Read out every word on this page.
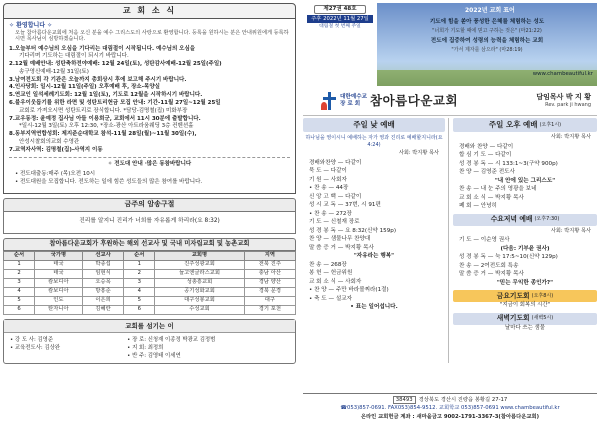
교 회 소 식
✧ 환영합니다 ✧
오늘 참아름다운교회에 처음 오신 분을 예수 그리스도의 사랑으로 환영합니다. 등록을 원하시는 분은 안내위원에게 등록하시면 목사님이 심방하겠습니다.
1.오늘부터 예수님의 오심을 기다리는 대림절이 시작됩니다. 예수님의 오심을
기다리며 기도하는 대림절이 되시기 바랍니다.
2.12월 예배안내: 성탄축하전야예배: 12월 24일(토), 성탄감사예배-12월 25일(주일)
송구영신예배-12월 31일(토)
3.남여전도회 각 기관은 오늘까지 총회상시 후에 보고해 주시기 바랍니다.
4.인사당회: 일시-12월 11일(주일) 오후예배 후, 장소-목양실
5.연교인 일석세례기도회: 12월 1일(토), 기도로 12월을 시작하시기 바랍니다.
6.불우이웃돕기를 위한 라면 및 성탄트리헌금 모집 안내: 기간-11월 27일~12월 25일
교회로 가져오시면 성탄트리로 장식합니다. *담당-김명철(집) 미화부장
7.교우동정: 윤예정 집사님 아들 이용희군, 교회에서 11시 30분에 출발합니다.
*일시-12월 3일(토) 오후 12:30, *장소-광산 아트라움웨딩 3층 컨벤션홀
8.동부지역연합성회: 제지준순대학교 참석-11월 28일(월)~11월 30일(수),
안성시찰회의교회 수영관
7.교역자사역: 김명철(집)-사역지 이동
✧ 전도대 안내 ·많은 동참바랍니다
• 전도대출동:매주 (목)오전 10시
• 전도대원을 모집합니다. 전도하는 일에 힘쓴 성도들의 많은 참여를 바랍니다.
금주의 암송구절
진리를 알지니 진리가 너희를 자유롭게 하리라(요 8:32)
참아름다운교회가 후원하는 해외 선교사 및 국내 미자립교회 및 농촌교회
순서	국가명	선교사	순서	교회명	지역
1	태국	박종섭	1	진주성광교회	전북 진주
2	태국	임현식	2	늘고엔글라스교회	충남 아산
3	캄보디아	오승목	3	성총흥교회	경남 양산
4	캄보디아	방흥준	4	공기성화교회	경북 문경
5	인도	이은희	5	대구성봉교회	대구
6	탄자니아	김혜란	6	수성교회	경기 포천
교회를 섬기는 이
• 강 도 사: 김영준
• 교육전도사: 김상완
• 장 로: 신청재 이종정 박광교 김정범
• 지 회: 최정희
• 반 주: 김영태 이세연
제27권 48호
주후 2022년 11월 27일
대림절 첫 번째 주일
2022년 교회 표어
기도에 힘을 쏟아 풍성한 은혜를 체험하는 성도
"너희가 기도할 때에 믿고 구하는 것은" (마21:22)
전도에 집중하여 성령의 능력을 체험하는 교회
"가서 제자를 삼으라" (마28:19)
www.chambeautiful.kr
대한예수교
장 로 회 참아름다운교회	담임목사 박 지 황
Rev. park ji hwang
주일 낮 예배
하나님을 영이시니 예배하는 자가 영과 진리로 예배할지니라(요4:24)
사회: 박지황 목사
경배와찬양 — 다같이
묵 도 — 다같이
기 원 — 사회자
• 찬 송 — 44장
신 앙 고 백 — 다같이
성 시 교 독 — 37번, 시 91편
• 찬 송 — 272장
기 도 — 신철재 장로
성 경 봉 독 — 요 8:32(신약 159p)
찬 양 — 샘물나무 찬양대
말 씀 증 거 — 박지황 목사
"자유라는 행복"
찬 송 — 268장
봉 헌 — 헌금위원
교 회 소 식 — 사회자
• 찬 양 — 주만 바라볼찌라(1절)
• 축 도 — 설교자
• 표는 일어섭니다.
주일 오후 예배 (오후1시)
사회: 박지황 목사
경배와 찬양 — 다같이
합 심 기 도 — 다같이
성 경 봉 독 — 시 133:1~3(구약 900p)
찬 양 — 김영준 전도사
"내 안에 있는 그리스도"
찬 송 — 내 눈 주의 영광을 보네
교 회 소 식 — 박지황 목사
폐 회 — 안녕히
수요저녁 예배 (오후7:30)
사회: 박지황 목사
기 도 — 이순영 권사
(다음: 기부윤 권사)
성 경 봉 독 — 눅 17:5~10(신약 129p)
찬 송 — 2여전도회 특송
말 씀 증 거 — 박지황 목사
"믿는 무익한 종인가?"
금요기도회 (오후8시)
"지금이 회복의 시간"
새벽기도회 (새벽5시)
날마다 쓰는 샘물
38493 경상북도 경산시 진량읍 봉황길 27-17
☎053)857-0691. FAX053)854-9512. 교회학교 053)857-0691 www.chambeautiful.kr
온라인 교회헌금 계좌 : 새마을금고 9002-1791-3367-3(참아름다운교회)
